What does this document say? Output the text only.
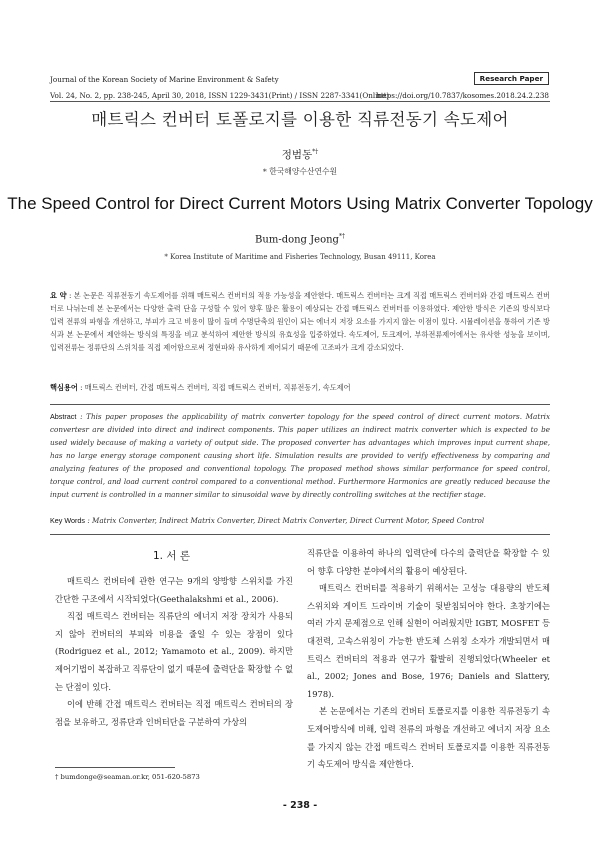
Journal of the Korean Society of Marine Environment & Safety
Vol. 24, No. 2, pp. 238-245, April 30, 2018, ISSN 1229-3431(Print) / ISSN 2287-3341(Online)
Research Paper
https://doi.org/10.7837/kosomes.2018.24.2.238
매트릭스 컨버터 토폴로지를 이용한 직류전동기 속도제어
정범동*†
* 한국해양수산연수원
The Speed Control for Direct Current Motors Using Matrix Converter Topology
Bum-dong Jeong*†
* Korea Institute of Maritime and Fisheries Technology, Busan 49111, Korea
요 약 : 본 논문은 직류전동기 속도제어를 위해 매트릭스 컨버터의 적용 가능성을 제안한다. 매트릭스 컨버터는 크게 직접 매트릭스 컨버터와 간접 매트릭스 컨버터로 나뉘는데 본 논문에서는 다양한 출력 단을 구성할 수 있어 향후 많은 활용이 예상되는 간접 매트릭스 컨버터를 이용하였다. 제안한 방식은 기존의 방식보다 입력 전류의 파형을 개선하고, 부피가 크고 비용이 많이 들며 수명단축의 원인이 되는 에너지 저장 요소를 가지지 않는 이점이 있다. 시뮬레이션을 통하여 기존 방식과 본 논문에서 제안하는 방식의 특징을 비교 분석하여 제안한 방식의 유효성을 입증하였다. 속도제어, 토크제어, 부하전류제어에서는 유사한 성능을 보이며, 입력전류는 정류단의 스위치를 직접 제어함으로써 정현파와 유사하게 제어되기 때문에 고조파가 크게 감소되었다.
핵심용어 : 매트릭스 컨버터, 간접 매트릭스 컨버터, 직접 매트릭스 컨버터, 직류전동기, 속도제어
Abstract : This paper proposes the applicability of matrix converter topology for the speed control of direct current motors. Matrix convertesr are divided into direct and indirect components. This paper utilizes an indirect matrix converter which is expected to be used widely because of making a variety of output side. The proposed converter has advantages which improves input current shape, has no large energy storage component causing short life. Simulation results are provided to verify effectiveness by comparing and analyzing features of the proposed and conventional topology. The proposed method shows similar performance for speed control, torque control, and load current control compared to a conventional method. Furthermore Harmonics are greatly reduced because the input current is controlled in a manner similar to sinusoidal wave by directly controlling switches at the rectifier stage.
Key Words : Matrix Converter, Indirect Matrix Converter, Direct Matrix Converter, Direct Current Motor, Speed Control
1. 서 론

매트릭스 컨버터에 관한 연구는 9개의 양방향 스위치를 가진 간단한 구조에서 시작되었다(Geethalakshmi et al., 2006).

직접 매트릭스 컨버터는 직류단의 에너지 저장 장치가 사용되지 않아 컨버터의 부피와 비용을 줄일 수 있는 장점이 있다(Rodriguez et al., 2012; Yamamoto et al., 2009). 하지만 제어기법이 복잡하고 직류단이 없기 때문에 출력단을 확장할 수 없는 단점이 있다.

이에 반해 간접 매트릭스 컨버터는 직접 매트릭스 컨버터의 장점을 보유하고, 정류단과 인버터단을 구분하여 가상의

직류단을 이용하여 하나의 입력단에 다수의 출력단을 확장할 수 있어 향후 다양한 분야에서의 활용이 예상된다.

매트릭스 컨버터를 적용하기 위해서는 고성능 대용량의 반도체 스위치와 게이트 드라이버 기술이 뒷받침되어야 한다. 초창기에는 여러 가지 문제점으로 인해 실현이 어려웠지만 IGBT, MOSFET 등 대전력, 고속스위칭이 가능한 반도체 스위칭 소자가 개발되면서 매트릭스 컨버터의 적용과 연구가 활발히 진행되었다(Wheeler et al., 2002; Jones and Bose, 1976; Daniels and Slattery, 1978).

본 논문에서는 기존의 컨버터 토폴로지를 이용한 직류전동기 속도제어방식에 비해, 입력 전류의 파형을 개선하고 에너지 저장 요소를 가지지 않는 간접 매트릭스 컨버터 토폴로지를 이용한 직류전동기 속도제어 방식을 제안한다.

† bumdonge@seaman.or.kr, 051-620-5873
- 238 -
